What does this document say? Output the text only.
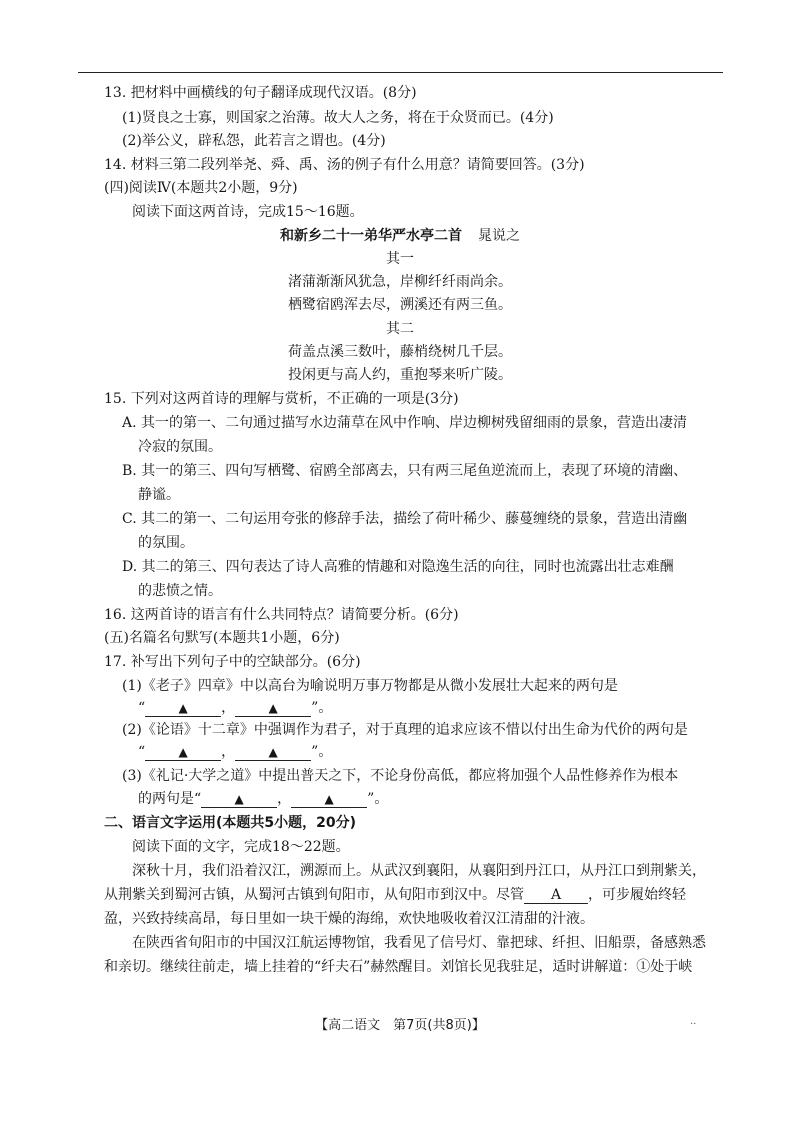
13. 把材料中画横线的句子翻译成现代汉语。(8分)
(1)贤良之士寡，则国家之治薄。故大人之务，将在于众贤而已。(4分)
(2)举公义，辟私怨，此若言之谓也。(4分)
14. 材料三第二段列举尧、舜、禹、汤的例子有什么用意？请简要回答。(3分)
(四)阅读Ⅳ(本题共2小题，9分)
阅读下面这两首诗，完成15～16题。
和新乡二十一弟华严水亭二首 晁说之
其一
渚蒲渐渐风犹急，岸柳纤纤雨尚余。
栖鹭宿鸥浑去尽，溯溪还有两三鱼。
其二
荷盖点溪三数叶，藤梢绕树几千层。
投闲更与高人约，重抱琴来听广陵。
15. 下列对这两首诗的理解与赏析，不正确的一项是(3分)
A. 其一的第一、二句通过描写水边蒲草在风中作响、岸边柳树残留细雨的景象，营造出凄清
冷寂的氛围。
B. 其一的第三、四句写栖鹭、宿鸥全部离去，只有两三尾鱼逆流而上，表现了环境的清幽、
静谧。
C. 其二的第一、二句运用夸张的修辞手法，描绘了荷叶稀少、藤蔓缠绕的景象，营造出清幽
的氛围。
D. 其二的第三、四句表达了诗人高雅的情趣和对隐逸生活的向往，同时也流露出壮志难酬
的悲愤之情。
16. 这两首诗的语言有什么共同特点？请简要分析。(6分)
(五)名篇名句默写(本题共1小题，6分)
17. 补写出下列句子中的空缺部分。(6分)
(1)《老子》四章》中以高台为喻说明万事万物都是从微小发展壮大起来的两句是
“	▲ ，	▲ ”。
(2)《论语》十二章》中强调作为君子，对于真理的追求应该不惜以付出生命为代价的两句是
“	▲ ，	▲ ”。
(3)《礼记·大学之道》中提出普天之下，不论身份高低，都应将加强个人品性修养作为根本
的两句是“	▲ ，	▲ ”。
二、语言文字运用(本题共5小题，20分)
阅读下面的文字，完成18～22题。
深秋十月，我们沿着汉江，溯源而上。从武汉到襄阳，从襄阳到丹江口，从丹江口到荆紫关，
从荆紫关到蜀河古镇，从蜀河古镇到旬阳市，从旬阳市到汉中。尽管 A ，可步履始终轻
盈，兴致持续高昂，每日里如一块干燥的海绵，欢快地吸收着汉江清甜的汁液。
在陕西省旬阳市的中国汉江航运博物馆，我看见了信号灯、靠把球、纤担、旧船票，备感熟悉
和亲切。继续往前走，墙上挂着的“纤夫石”赫然醒目。刘馆长见我驻足，适时讲解道：①处于峡
【高二语文　第7页(共8页)】	..
